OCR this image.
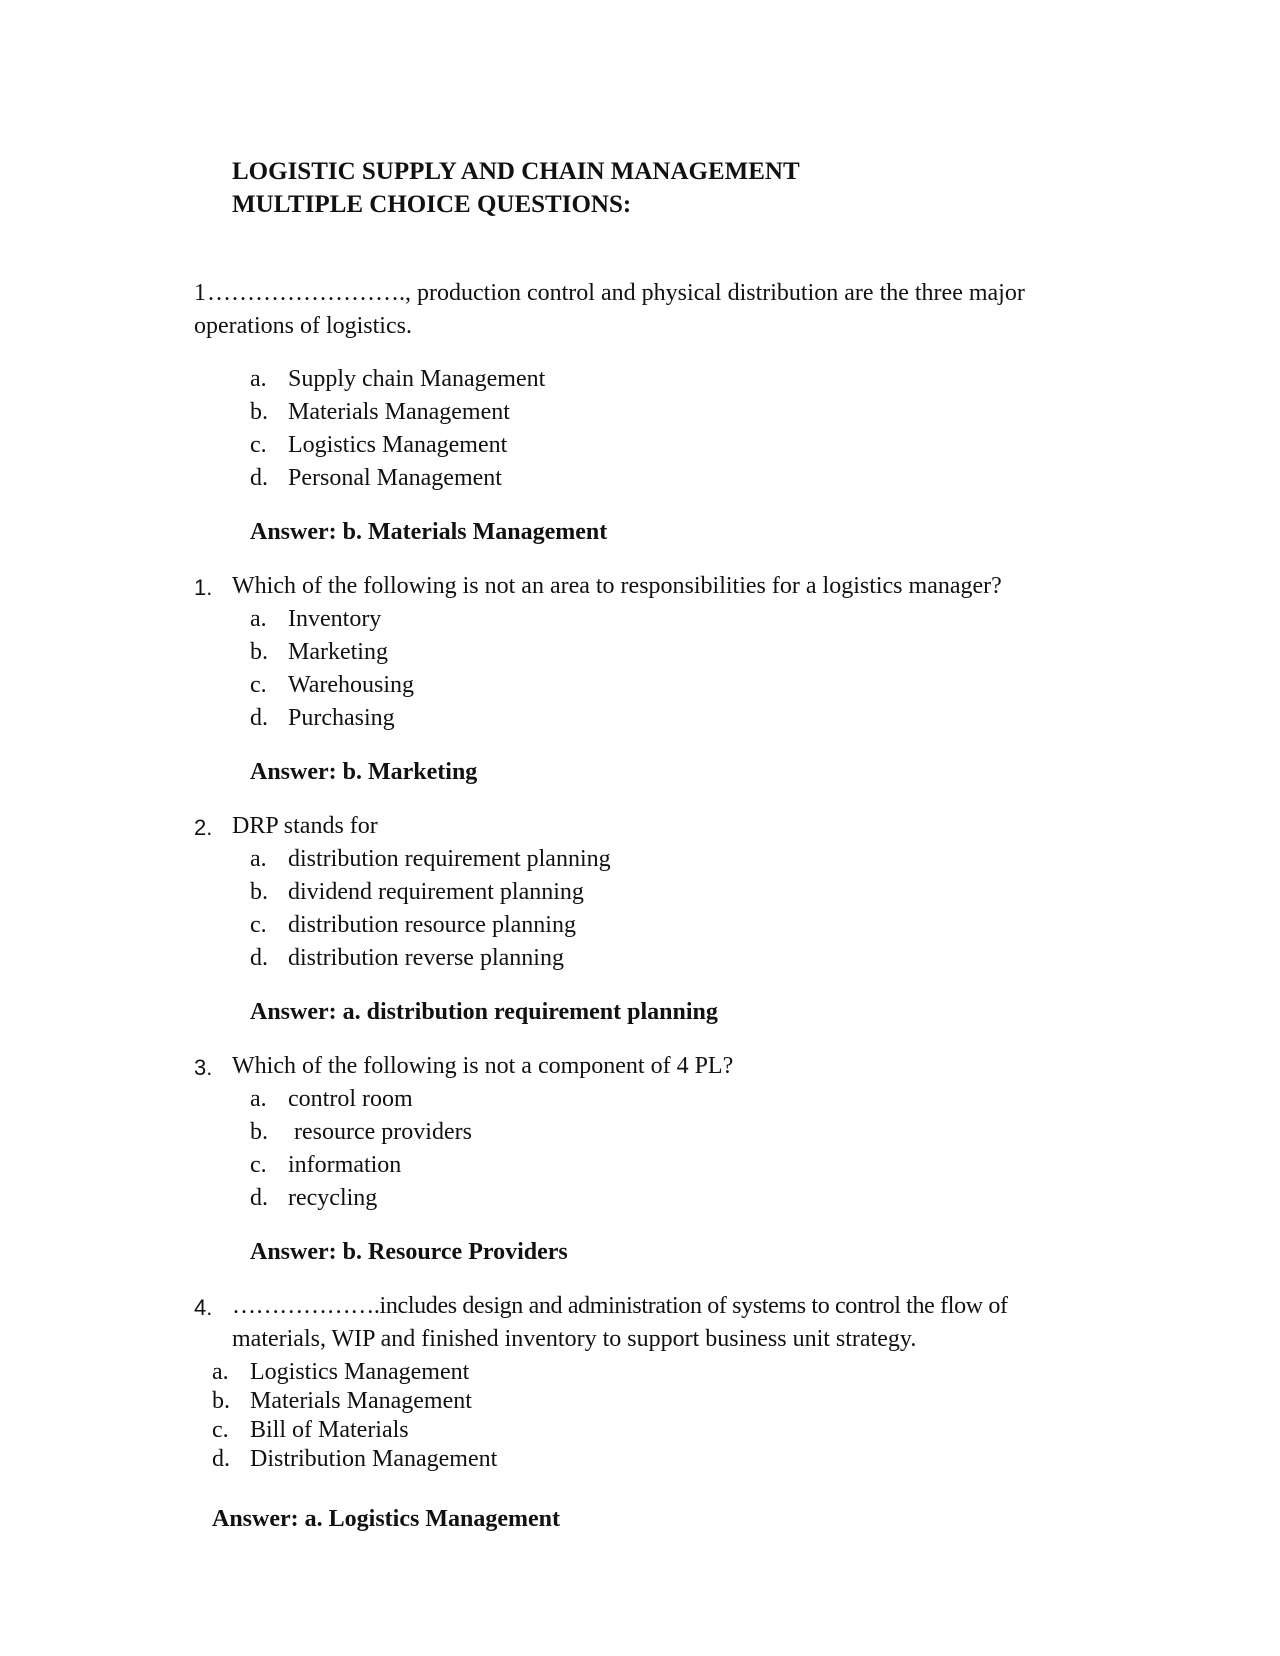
LOGISTIC SUPPLY AND CHAIN MANAGEMENT
MULTIPLE CHOICE QUESTIONS:
1 ……………………., production control and physical distribution are the three major
operations of logistics.
a. Supply chain Management
b. Materials Management
c. Logistics Management
d. Personal Management
Answer: b. Materials Management
1. Which of the following is not an area to responsibilities for a logistics manager?
a. Inventory
b. Marketing
c. Warehousing
d. Purchasing
Answer: b. Marketing
2. DRP stands for
a. distribution requirement planning
b. dividend requirement planning
c. distribution resource planning
d. distribution reverse planning
Answer: a. distribution requirement planning
3. Which of the following is not a component of 4 PL?
a. control room
b. resource providers
c. information
d. recycling
Answer: b. Resource Providers
4. ……………….includes design and administration of systems to control the flow of
materials, WIP and finished inventory to support business unit strategy.
a. Logistics Management
b. Materials Management
c. Bill of Materials
d. Distribution Management
Answer: a. Logistics Management
